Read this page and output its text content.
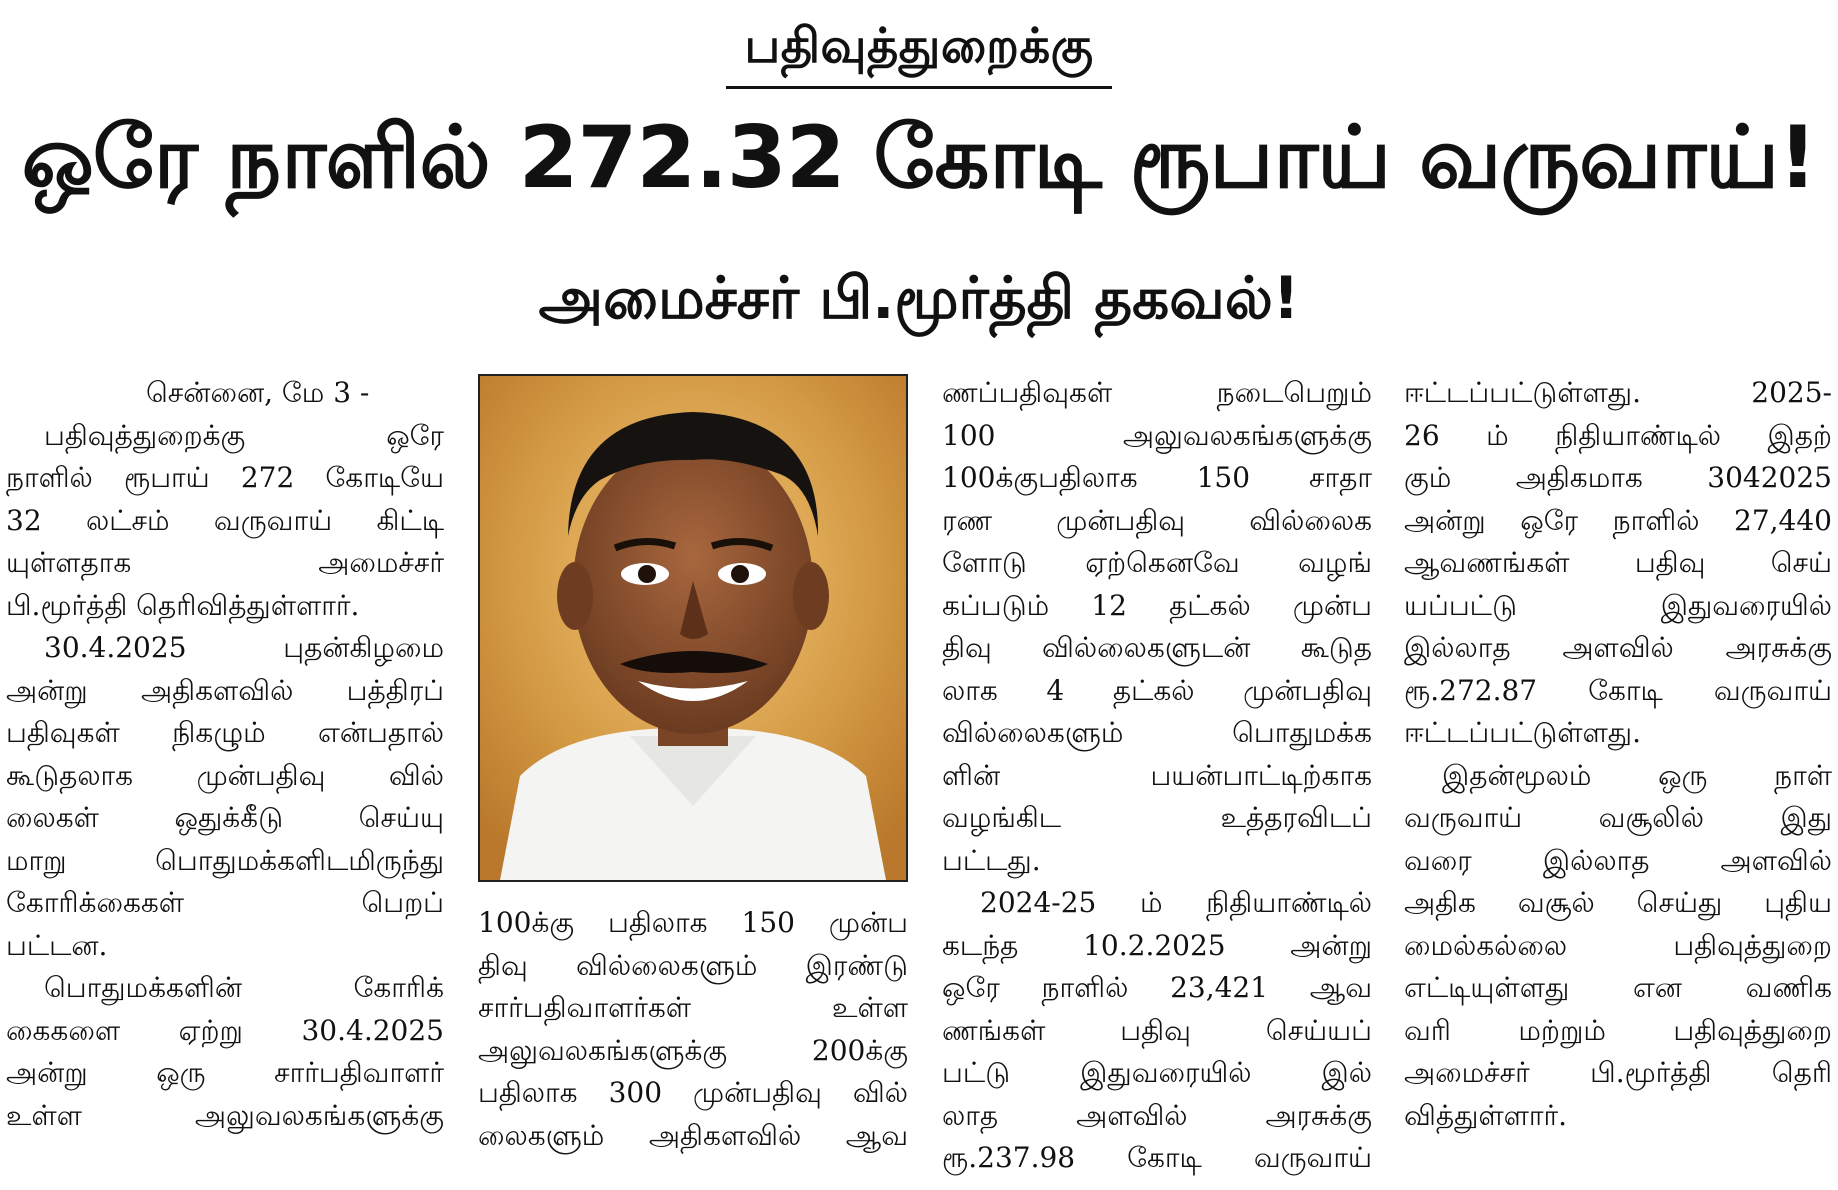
பதிவுத்துறைக்கு
ஒரே நாளில் 272.32 கோடி ரூபாய் வருவாய்!
அமைச்சர் பி.மூர்த்தி தகவல்!
சென்னை, மே 3 -
பதிவுத்துறைக்கு ஒரே
நாளில் ரூபாய் 272 கோடியே
32 லட்சம் வருவாய் கிட்டி
யுள்ளதாக அமைச்சர்
பி.மூர்த்தி தெரிவித்துள்ளார்.
30.4.2025 புதன்கிழமை
அன்று அதிகளவில் பத்திரப்
பதிவுகள் நிகழும் என்பதால்
கூடுதலாக முன்பதிவு வில்
லைகள் ஒதுக்கீடு செய்யு
மாறு பொதுமக்களிடமிருந்து
கோரிக்கைகள் பெறப்
பட்டன.
பொதுமக்களின் கோரிக்
கைகளை ஏற்று 30.4.2025
அன்று ஒரு சார்பதிவாளர்
உள்ள அலுவலகங்களுக்கு
100க்கு பதிலாக 150 முன்ப
திவு வில்லைகளும் இரண்டு
சார்பதிவாளர்கள் உள்ள
அலுவலகங்களுக்கு 200க்கு
பதிலாக 300 முன்பதிவு வில்
லைகளும் அதிகளவில் ஆவ
ணப்பதிவுகள் நடைபெறும்
100 அலுவலகங்களுக்கு
100க்குபதிலாக 150 சாதா
ரண முன்பதிவு வில்லைக
ளோடு ஏற்கெனவே வழங்
கப்படும் 12 தட்கல் முன்ப
திவு வில்லைகளுடன் கூடுத
லாக 4 தட்கல் முன்பதிவு
வில்லைகளும் பொதுமக்க
ளின் பயன்பாட்டிற்காக
வழங்கிட உத்தரவிடப்
பட்டது.
2024-25 ம் நிதியாண்டில்
கடந்த 10.2.2025 அன்று
ஒரே நாளில் 23,421 ஆவ
ணங்கள் பதிவு செய்யப்
பட்டு இதுவரையில் இல்
லாத அளவில் அரசுக்கு
ரூ.237.98 கோடி வருவாய்
ஈட்டப்பட்டுள்ளது. 2025-
26 ம் நிதியாண்டில் இதற்
கும் அதிகமாக 3042025
அன்று ஒரே நாளில் 27,440
ஆவணங்கள் பதிவு செய்
யப்பட்டு இதுவரையில்
இல்லாத அளவில் அரசுக்கு
ரூ.272.87 கோடி வருவாய்
ஈட்டப்பட்டுள்ளது.
இதன்மூலம் ஒரு நாள்
வருவாய் வசூலில் இது
வரை இல்லாத அளவில்
அதிக வசூல் செய்து புதிய
மைல்கல்லை பதிவுத்துறை
எட்டியுள்ளது என வணிக
வரி மற்றும் பதிவுத்துறை
அமைச்சர் பி.மூர்த்தி தெரி
வித்துள்ளார்.
